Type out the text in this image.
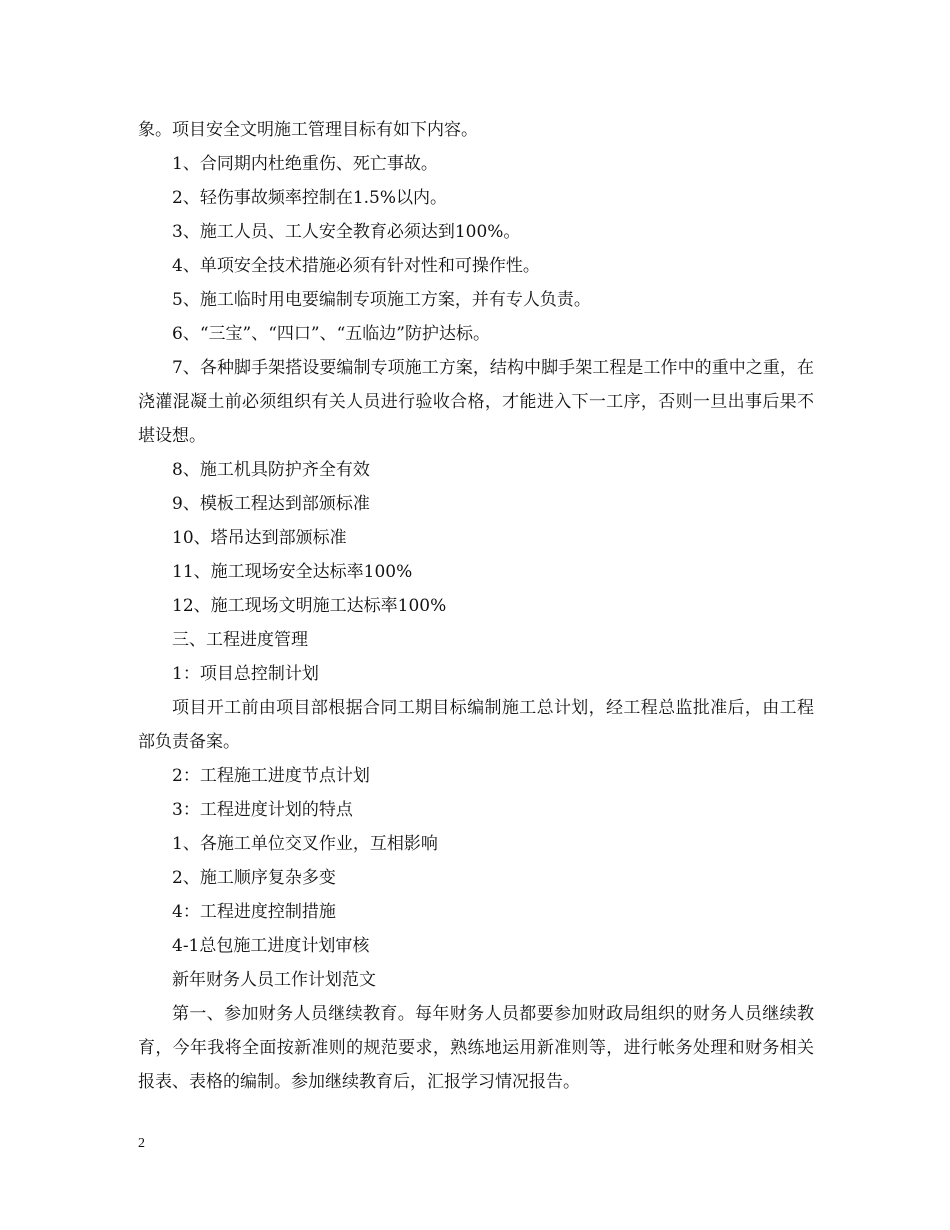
象。项目安全文明施工管理目标有如下内容。

1、合同期内杜绝重伤、死亡事故。

2、轻伤事故频率控制在1.5%以内。

3、施工人员、工人安全教育必须达到100%。

4、单项安全技术措施必须有针对性和可操作性。

5、施工临时用电要编制专项施工方案，并有专人负责。

6、“三宝”、“四口”、“五临边”防护达标。

7、各种脚手架搭设要编制专项施工方案，结构中脚手架工程是工作中的重中之重，在浇灌混凝土前必须组织有关人员进行验收合格，才能进入下一工序，否则一旦出事后果不堪设想。

8、施工机具防护齐全有效

9、模板工程达到部颁标准

10、塔吊达到部颁标准

11、施工现场安全达标率100%

12、施工现场文明施工达标率100%

三、工程进度管理

1：项目总控制计划

项目开工前由项目部根据合同工期目标编制施工总计划，经工程总监批准后，由工程部负责备案。

2：工程施工进度节点计划

3：工程进度计划的特点

1、各施工单位交叉作业，互相影响

2、施工顺序复杂多变

4：工程进度控制措施

4-1总包施工进度计划审核

新年财务人员工作计划范文

第一、参加财务人员继续教育。每年财务人员都要参加财政局组织的财务人员继续教育，今年我将全面按新准则的规范要求，熟练地运用新准则等，进行帐务处理和财务相关报表、表格的编制。参加继续教育后，汇报学习情况报告。

2
